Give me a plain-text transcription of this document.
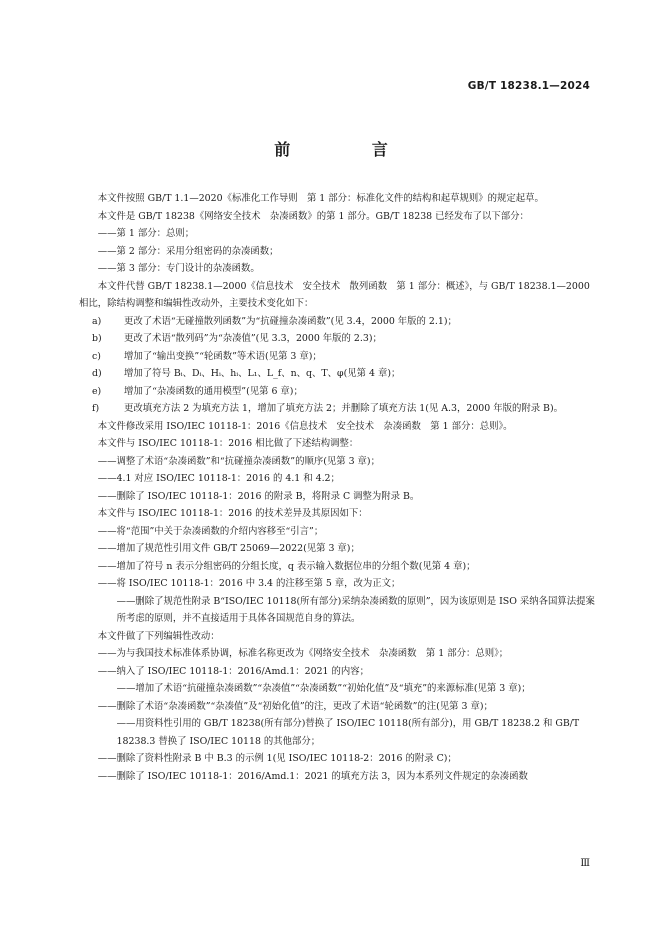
GB/T 18238.1—2024
前 言

本文件按照 GB/T 1.1—2020《标准化工作导则　第 1 部分：标准化文件的结构和起草规则》的规定起草。

本文件是 GB/T 18238《网络安全技术　杂凑函数》的第 1 部分。GB/T 18238 已经发布了以下部分：

——第 1 部分：总则；

——第 2 部分：采用分组密码的杂凑函数；

——第 3 部分：专门设计的杂凑函数。

本文件代替 GB/T 18238.1—2000《信息技术　安全技术　散列函数　第 1 部分：概述》，与 GB/T 18238.1—2000 相比，除结构调整和编辑性改动外，主要技术变化如下：

a) 更改了术语“无碰撞散列函数”为“抗碰撞杂凑函数”(见 3.4，2000 年版的 2.1)；

b) 更改了术语“散列码”为“杂凑值”(见 3.3，2000 年版的 2.3)；

c) 增加了“输出变换”“轮函数”等术语(见第 3 章)；

d) 增加了符号 Bᵢ、Dᵢ、Hᵢ、hᵢ、L₁、L_f、n、q、T、φ(见第 4 章)；

e) 增加了“杂凑函数的通用模型”(见第 6 章)；

f)	更改填充方法 2 为填充方法 1，增加了填充方法 2；并删除了填充方法 1(见 A.3，2000 年版的附录 B)。

本文件修改采用 ISO/IEC 10118-1：2016《信息技术　安全技术　杂凑函数　第 1 部分：总则》。

本文件与 ISO/IEC 10118-1：2016 相比做了下述结构调整：

——调整了术语“杂凑函数”和“抗碰撞杂凑函数”的顺序(见第 3 章)；

——4.1 对应 ISO/IEC 10118-1：2016 的 4.1 和 4.2；

——删除了 ISO/IEC 10118-1：2016 的附录 B，将附录 C 调整为附录 B。

本文件与 ISO/IEC 10118-1：2016 的技术差异及其原因如下：

——将“范围”中关于杂凑函数的介绍内容移至“引言”；

——增加了规范性引用文件 GB/T 25069—2022(见第 3 章)；

——增加了符号 n 表示分组密码的分组长度，q 表示输入数据位串的分组个数(见第 4 章)；

——将 ISO/IEC 10118-1：2016 中 3.4 的注移至第 5 章，改为正文；

——删除了规范性附录 B“ISO/IEC 10118(所有部分)采纳杂凑函数的原则”，因为该原则是 ISO 采纳各国算法提案所考虑的原则，并不直接适用于具体各国规范自身的算法。

本文件做了下列编辑性改动：

——为与我国技术标准体系协调，标准名称更改为《网络安全技术　杂凑函数　第 1 部分：总则》；

——纳入了 ISO/IEC 10118-1：2016/Amd.1：2021 的内容；

——增加了术语“抗碰撞杂凑函数”“杂凑值”“杂凑函数”“初始化值”及“填充”的来源标准(见第 3 章)；

——删除了术语“杂凑函数”“杂凑值”及“初始化值”的注，更改了术语“轮函数”的注(见第 3 章)；

——用资料性引用的 GB/T 18238(所有部分)替换了 ISO/IEC 10118(所有部分)，用 GB/T 18238.2 和 GB/T 18238.3 替换了 ISO/IEC 10118 的其他部分；

——删除了资料性附录 B 中 B.3 的示例 1(见 ISO/IEC 10118-2：2016 的附录 C)；

——删除了 ISO/IEC 10118-1：2016/Amd.1：2021 的填充方法 3，因为本系列文件规定的杂凑函数

Ⅲ
